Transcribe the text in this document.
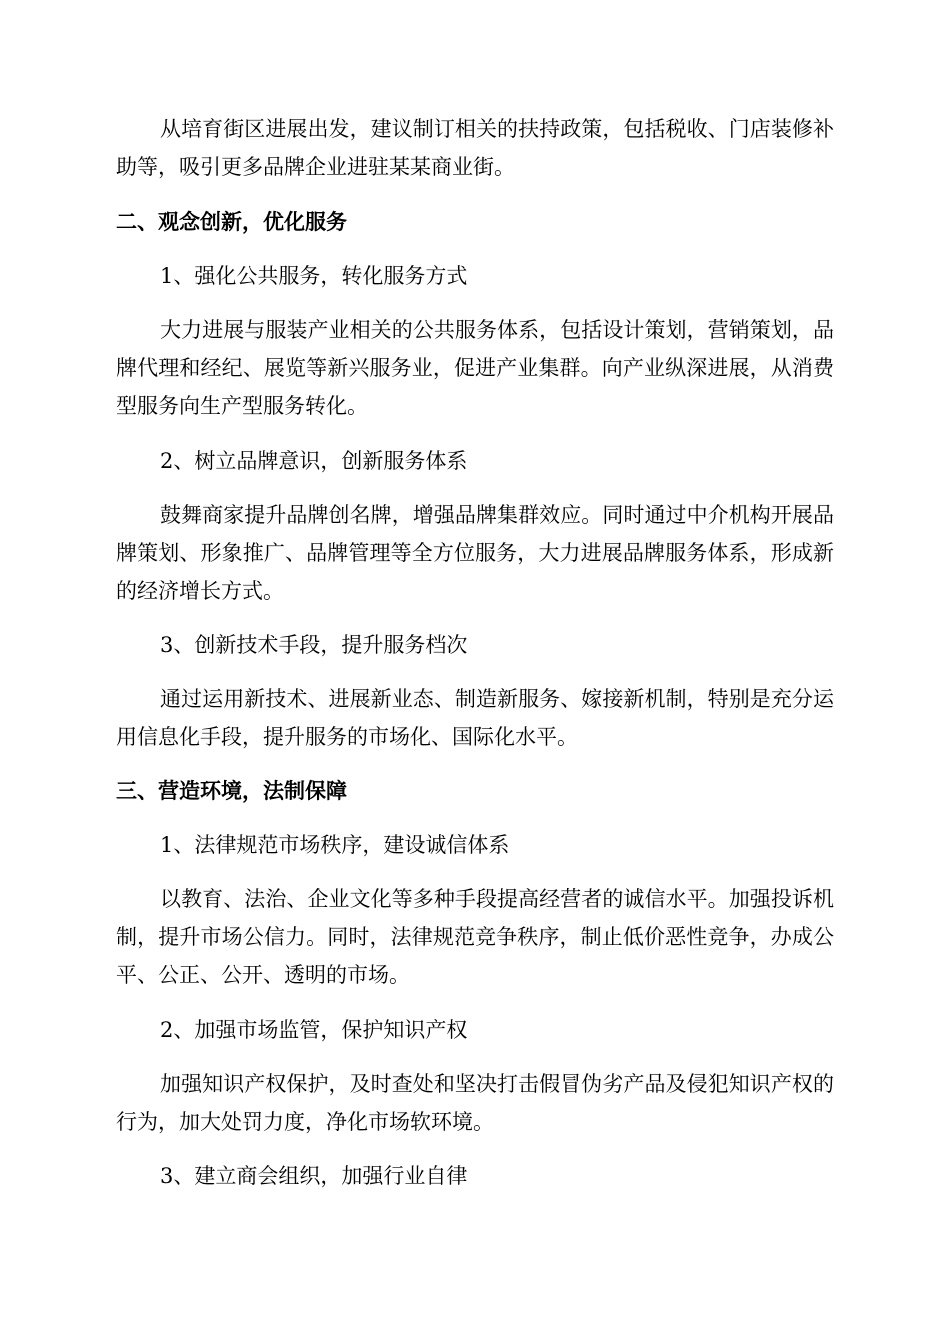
从培育街区进展出发，建议制订相关的扶持政策，包括税收、门店装修补助等，吸引更多品牌企业进驻某某商业街。

二、观念创新，优化服务

1、强化公共服务，转化服务方式

大力进展与服装产业相关的公共服务体系，包括设计策划，营销策划，品牌代理和经纪、展览等新兴服务业，促进产业集群。向产业纵深进展，从消费型服务向生产型服务转化。

2、树立品牌意识，创新服务体系

鼓舞商家提升品牌创名牌，增强品牌集群效应。同时通过中介机构开展品牌策划、形象推广、品牌管理等全方位服务，大力进展品牌服务体系，形成新的经济增长方式。

3、创新技术手段，提升服务档次

通过运用新技术、进展新业态、制造新服务、嫁接新机制，特别是充分运用信息化手段，提升服务的市场化、国际化水平。

三、营造环境，法制保障

1、法律规范市场秩序，建设诚信体系

以教育、法治、企业文化等多种手段提高经营者的诚信水平。加强投诉机制，提升市场公信力。同时，法律规范竞争秩序，制止低价恶性竞争，办成公平、公正、公开、透明的市场。

2、加强市场监管，保护知识产权

加强知识产权保护，及时查处和坚决打击假冒伪劣产品及侵犯知识产权的行为，加大处罚力度，净化市场软环境。

3、建立商会组织，加强行业自律
